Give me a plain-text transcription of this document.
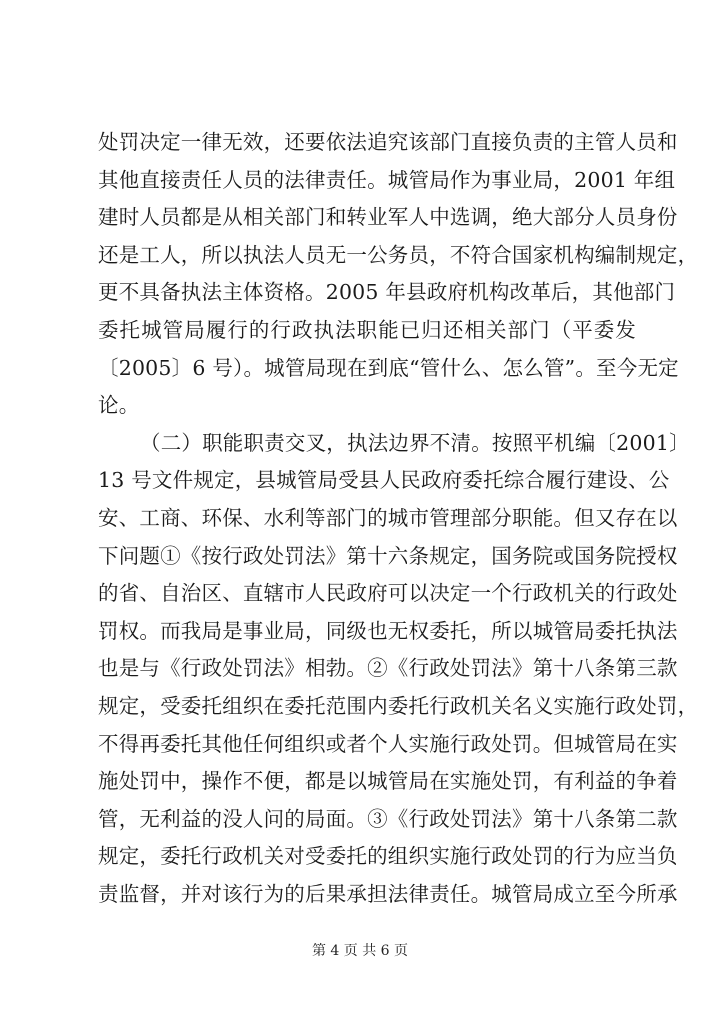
处罚决定一律无效，还要依法追究该部门直接负责的主管人员和
其他直接责任人员的法律责任。城管局作为事业局，2001 年组
建时人员都是从相关部门和转业军人中选调，绝大部分人员身份
还是工人，所以执法人员无一公务员，不符合国家机构编制规定，
更不具备执法主体资格。2005 年县政府机构改革后，其他部门
委托城管局履行的行政执法职能已归还相关部门（平委发
〔2005〕6 号）。城管局现在到底“管什么、怎么管”。至今无定
论。
（二）职能职责交叉，执法边界不清。按照平机编〔2001〕
13 号文件规定，县城管局受县人民政府委托综合履行建设、公
安、工商、环保、水利等部门的城市管理部分职能。但又存在以
下问题①《按行政处罚法》第十六条规定，国务院或国务院授权
的省、自治区、直辖市人民政府可以决定一个行政机关的行政处
罚权。而我局是事业局，同级也无权委托，所以城管局委托执法
也是与《行政处罚法》相勃。②《行政处罚法》第十八条第三款
规定，受委托组织在委托范围内委托行政机关名义实施行政处罚，
不得再委托其他任何组织或者个人实施行政处罚。但城管局在实
施处罚中，操作不便，都是以城管局在实施处罚，有利益的争着
管，无利益的没人问的局面。③《行政处罚法》第十八条第二款
规定，委托行政机关对受委托的组织实施行政处罚的行为应当负
责监督，并对该行为的后果承担法律责任。城管局成立至今所承
第 4 页 共 6 页
